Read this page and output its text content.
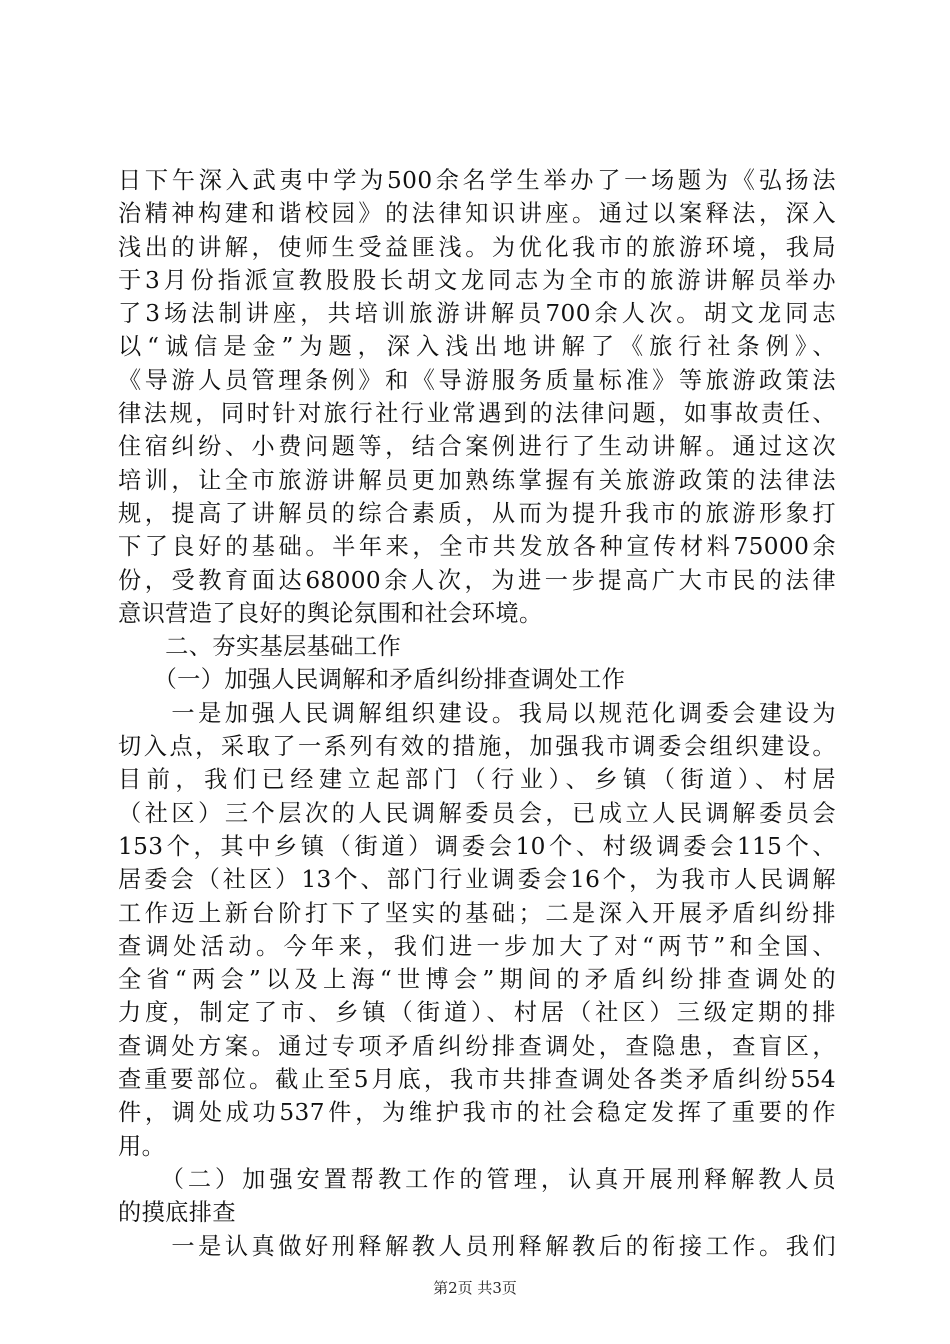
日下午深入武夷中学为500余名学生举办了一场题为《弘扬法
治精神构建和谐校园》的法律知识讲座。通过以案释法，深入
浅出的讲解，使师生受益匪浅。为优化我市的旅游环境，我局
于3月份指派宣教股股长胡文龙同志为全市的旅游讲解员举办
了3场法制讲座，共培训旅游讲解员700余人次。胡文龙同志
以“诚信是金”为题，深入浅出地讲解了《旅行社条例》、
《导游人员管理条例》和《导游服务质量标准》等旅游政策法
律法规，同时针对旅行社行业常遇到的法律问题，如事故责任、
住宿纠纷、小费问题等，结合案例进行了生动讲解。通过这次
培训，让全市旅游讲解员更加熟练掌握有关旅游政策的法律法
规，提高了讲解员的综合素质，从而为提升我市的旅游形象打
下了良好的基础。半年来，全市共发放各种宣传材料75000余
份，受教育面达68000余人次，为进一步提高广大市民的法律
意识营造了良好的舆论氛围和社会环境。
　　二、夯实基层基础工作
　　（一）加强人民调解和矛盾纠纷排查调处工作
　　一是加强人民调解组织建设。我局以规范化调委会建设为
切入点，采取了一系列有效的措施，加强我市调委会组织建设。
目前，我们已经建立起部门（行业）、乡镇（街道）、村居
（社区）三个层次的人民调解委员会，已成立人民调解委员会
153个，其中乡镇（街道）调委会10个、村级调委会115个、
居委会（社区）13个、部门行业调委会16个，为我市人民调解
工作迈上新台阶打下了坚实的基础；二是深入开展矛盾纠纷排
查调处活动。今年来，我们进一步加大了对“两节”和全国、
全省“两会”以及上海“世博会”期间的矛盾纠纷排查调处的
力度，制定了市、乡镇（街道）、村居（社区）三级定期的排
查调处方案。通过专项矛盾纠纷排查调处，查隐患，查盲区，
查重要部位。截止至5月底，我市共排查调处各类矛盾纠纷554
件，调处成功537件，为维护我市的社会稳定发挥了重要的作
用。
　　（二）加强安置帮教工作的管理，认真开展刑释解教人员
的摸底排查
　　一是认真做好刑释解教人员刑释解教后的衔接工作。我们
第2页 共3页
